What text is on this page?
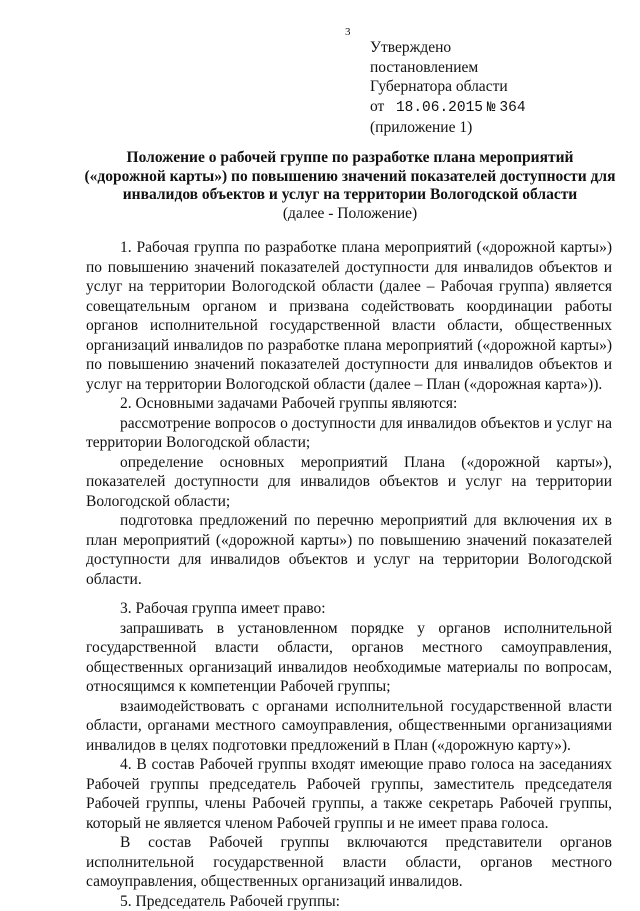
3
Утверждено
постановлением
Губернатора области
от 18.06.2015 № 364
(приложение 1)
Положение о рабочей группе по разработке плана мероприятий
(«дорожной карты») по повышению значений показателей доступности для
инвалидов объектов и услуг на территории Вологодской области
(далее - Положение)

1. Рабочая группа по разработке плана мероприятий («дорожной карты») по повышению значений показателей доступности для инвалидов объектов и услуг на территории Вологодской области (далее – Рабочая группа) является совещательным органом и призвана содействовать координации работы органов исполнительной государственной власти области, общественных организаций инвалидов по разработке плана мероприятий («дорожной карты») по повышению значений показателей доступности для инвалидов объектов и услуг на территории Вологодской области (далее – План («дорожная карта»)).

2. Основными задачами Рабочей группы являются:

рассмотрение вопросов о доступности для инвалидов объектов и услуг на территории Вологодской области;

определение основных мероприятий Плана («дорожной карты»), показателей доступности для инвалидов объектов и услуг на территории Вологодской области;

подготовка предложений по перечню мероприятий для включения их в план мероприятий («дорожной карты») по повышению значений показателей доступности для инвалидов объектов и услуг на территории Вологодской области.

3. Рабочая группа имеет право:

запрашивать в установленном порядке у органов исполнительной государственной власти области, органов местного самоуправления, общественных организаций инвалидов необходимые материалы по вопросам, относящимся к компетенции Рабочей группы;

взаимодействовать с органами исполнительной государственной власти области, органами местного самоуправления, общественными организациями инвалидов в целях подготовки предложений в План («дорожную карту»).

4. В состав Рабочей группы входят имеющие право голоса на заседаниях Рабочей группы председатель Рабочей группы, заместитель председателя Рабочей группы, члены Рабочей группы, а также секретарь Рабочей группы, который не является членом Рабочей группы и не имеет права голоса.

В состав Рабочей группы включаются представители органов исполнительной государственной власти области, органов местного самоуправления, общественных организаций инвалидов.

5. Председатель Рабочей группы:
